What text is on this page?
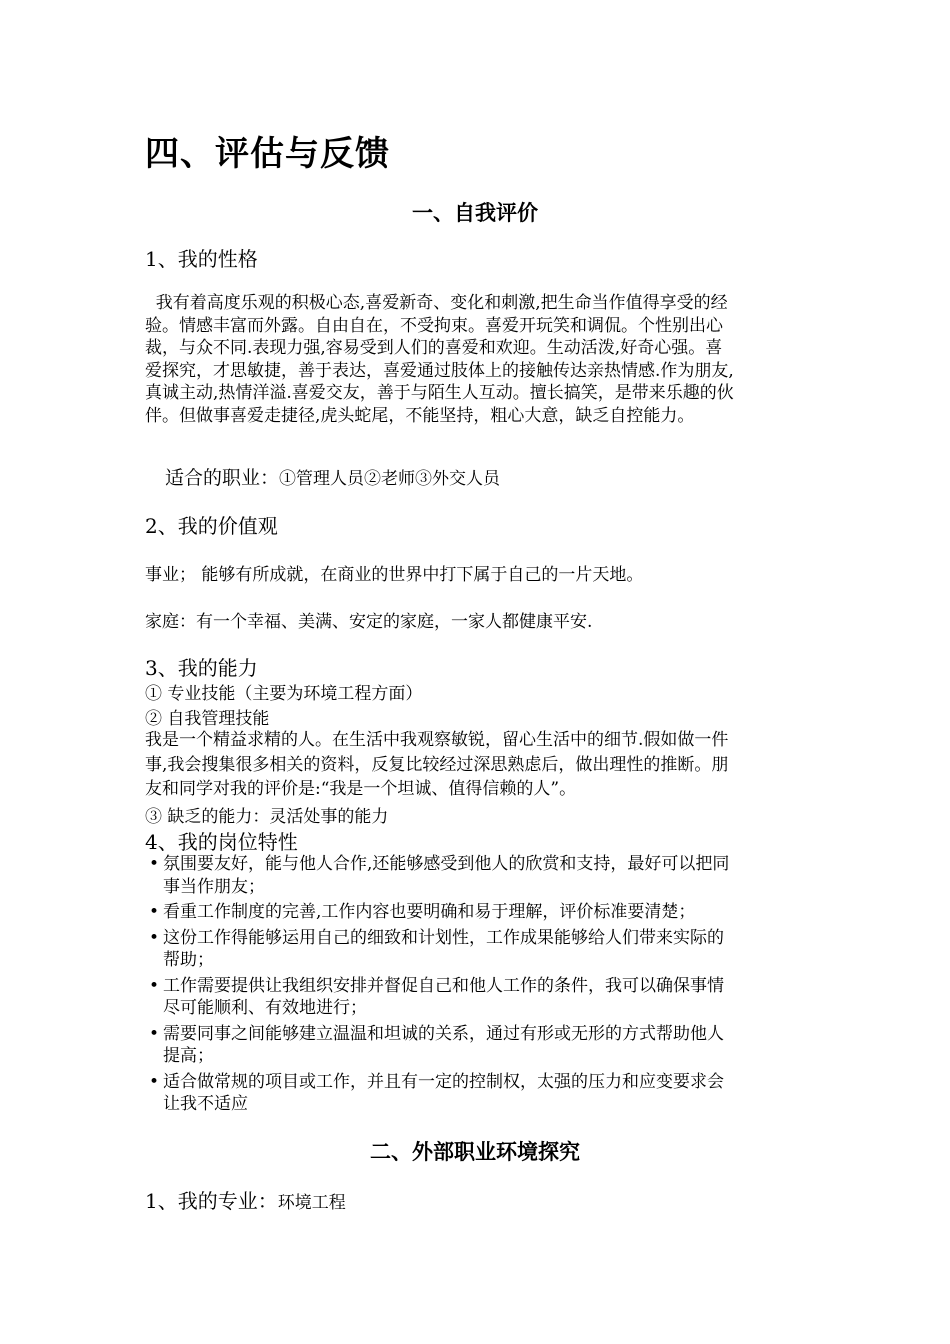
四、评估与反馈
一、自我评价
1、我的性格
我有着高度乐观的积极心态,喜爱新奇、变化和刺激,把生命当作值得享受的经
验。情感丰富而外露。自由自在，不受拘束。喜爱开玩笑和调侃。个性别出心
裁，与众不同.表现力强,容易受到人们的喜爱和欢迎。生动活泼,好奇心强。喜
爱探究，才思敏捷，善于表达，喜爱通过肢体上的接触传达亲热情感.作为朋友,
真诚主动,热情洋溢.喜爱交友，善于与陌生人互动。擅长搞笑，是带来乐趣的伙
伴。但做事喜爱走捷径,虎头蛇尾，不能坚持，粗心大意，缺乏自控能力。
适合的职业：①管理人员②老师③外交人员
2、我的价值观
事业； 能够有所成就，在商业的世界中打下属于自己的一片天地。
家庭：有一个幸福、美满、安定的家庭，一家人都健康平安.
3、我的能力
① 专业技能（主要为环境工程方面）
② 自我管理技能
我是一个精益求精的人。在生活中我观察敏锐，留心生活中的细节.假如做一件
事,我会搜集很多相关的资料，反复比较经过深思熟虑后，做出理性的推断。朋
友和同学对我的评价是:“我是一个坦诚、值得信赖的人”。
③ 缺乏的能力：灵活处事的能力
4、我的岗位特性
• 氛围要友好，能与他人合作,还能够感受到他人的欣赏和支持，最好可以把同
事当作朋友；
• 看重工作制度的完善,工作内容也要明确和易于理解，评价标准要清楚；
• 这份工作得能够运用自己的细致和计划性，工作成果能够给人们带来实际的
帮助；
• 工作需要提供让我组织安排并督促自己和他人工作的条件，我可以确保事情
尽可能顺利、有效地进行；
• 需要同事之间能够建立温温和坦诚的关系，通过有形或无形的方式帮助他人
提高；
• 适合做常规的项目或工作，并且有一定的控制权，太强的压力和应变要求会
让我不适应
二、外部职业环境探究
1、我的专业：环境工程
